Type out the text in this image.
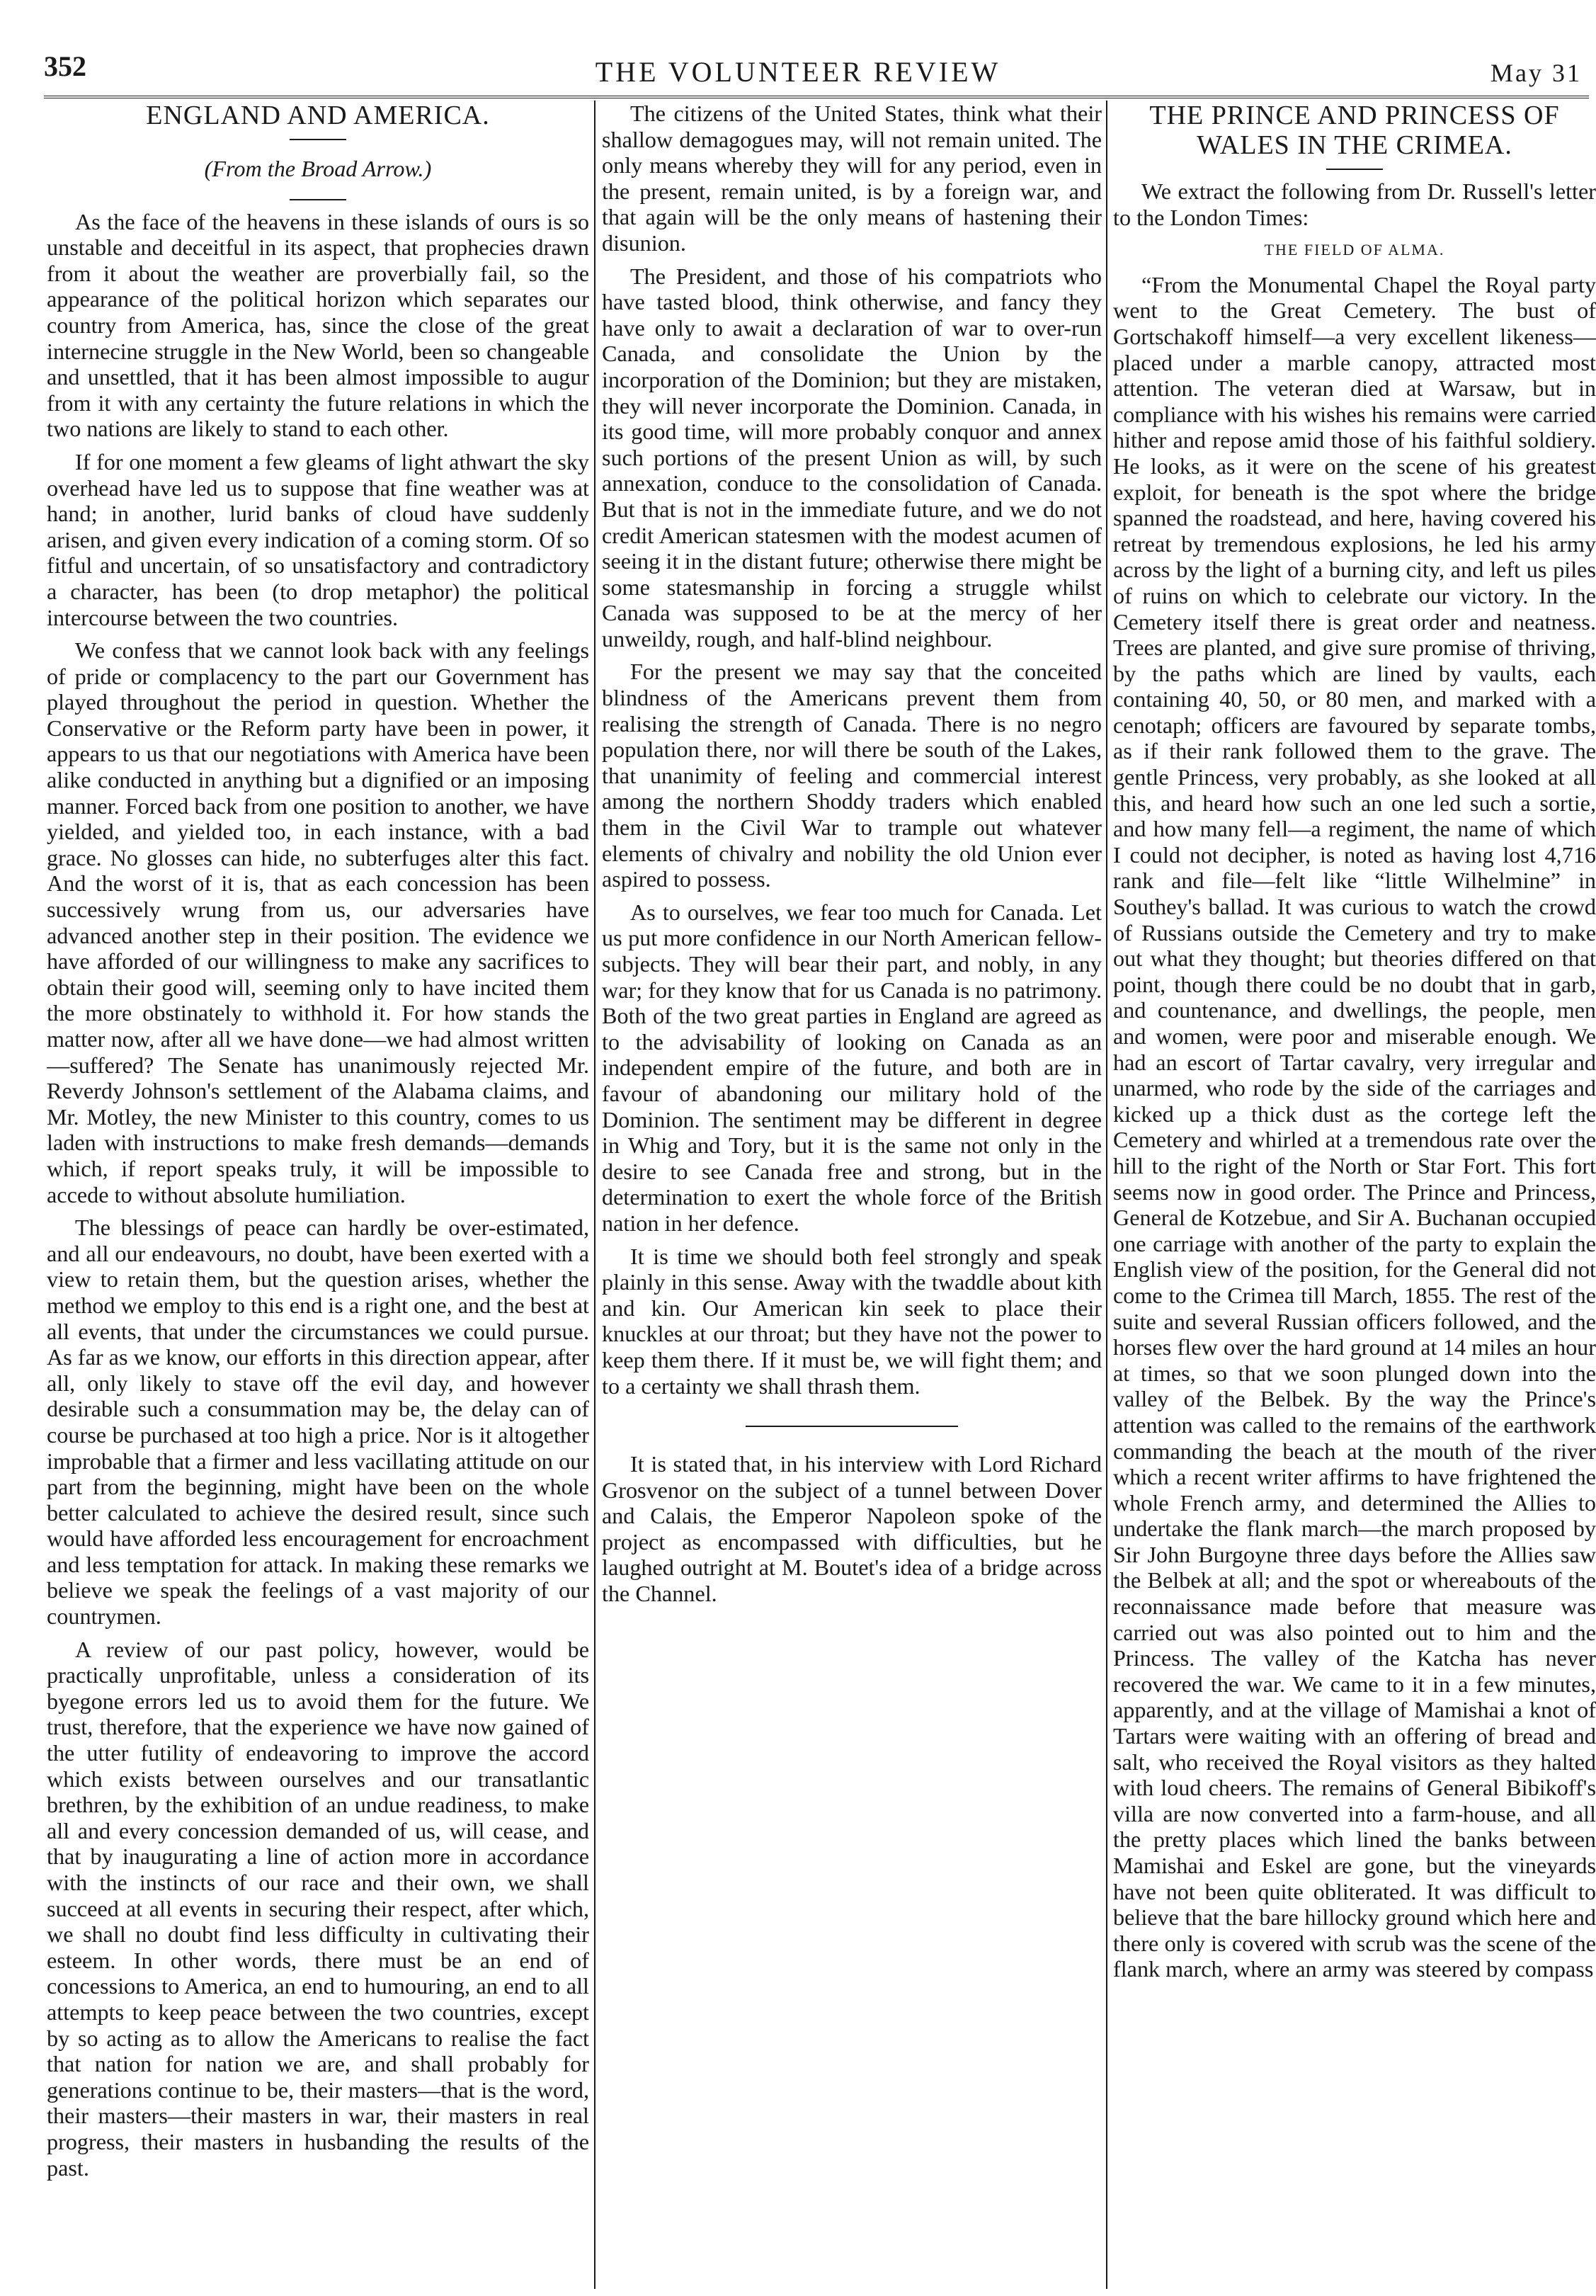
352	THE VOLUNTEER REVIEW	May 31
ENGLAND AND AMERICA.
(From the Broad Arrow.)

As the face of the heavens in these islands of ours is so unstable and deceitful in its aspect, that prophecies drawn from it about the weather are proverbially fail, so the appearance of the political horizon which separates our country from America, has, since the close of the great internecine struggle in the New World, been so changeable and unsettled, that it has been almost impossible to augur from it with any certainty the future relations in which the two nations are likely to stand to each other.

If for one moment a few gleams of light athwart the sky overhead have led us to suppose that fine weather was at hand; in another, lurid banks of cloud have suddenly arisen, and given every indication of a coming storm. Of so fitful and uncertain, of so unsatisfactory and contradictory a character, has been (to drop metaphor) the political intercourse between the two countries.

We confess that we cannot look back with any feelings of pride or complacency to the part our Government has played throughout the period in question. Whether the Conservative or the Reform party have been in power, it appears to us that our negotiations with America have been alike conducted in anything but a dignified or an imposing manner. Forced back from one position to another, we have yielded, and yielded too, in each instance, with a bad grace. No glosses can hide, no subterfuges alter this fact. And the worst of it is, that as each concession has been successively wrung from us, our adversaries have advanced another step in their position. The evidence we have afforded of our willingness to make any sacrifices to obtain their good will, seeming only to have incited them the more obstinately to withhold it. For how stands the matter now, after all we have done—we had almost written—suffered? The Senate has unanimously rejected Mr. Reverdy Johnson's settlement of the Alabama claims, and Mr. Motley, the new Minister to this country, comes to us laden with instructions to make fresh demands—demands which, if report speaks truly, it will be impossible to accede to without absolute humiliation.

The blessings of peace can hardly be over-estimated, and all our endeavours, no doubt, have been exerted with a view to retain them, but the question arises, whether the method we employ to this end is a right one, and the best at all events, that under the circumstances we could pursue. As far as we know, our efforts in this direction appear, after all, only likely to stave off the evil day, and however desirable such a consummation may be, the delay can of course be purchased at too high a price. Nor is it altogether improbable that a firmer and less vacillating attitude on our part from the beginning, might have been on the whole better calculated to achieve the desired result, since such would have afforded less encouragement for encroachment and less temptation for attack. In making these remarks we believe we speak the feelings of a vast majority of our countrymen.

A review of our past policy, however, would be practically unprofitable, unless a consideration of its byegone errors led us to avoid them for the future. We trust, therefore, that the experience we have now gained of the utter futility of endeavoring to improve the accord which exists between ourselves and our transatlantic brethren, by the exhibition of an undue readiness, to make all and every concession demanded of us, will cease, and that by inaugurating a line of action more in accordance with the instincts of our race and their own, we shall succeed at all events in securing their respect, after which, we shall no doubt find less difficulty in cultivating their esteem. In other words, there must be an end of concessions to America, an end to humouring, an end to all attempts to keep peace between the two countries, except by so acting as to allow the Americans to realise the fact that nation for nation we are, and shall probably for generations continue to be, their masters—that is the word, their masters—their masters in war, their masters in real progress, their masters in husbanding the results of the past.

The citizens of the United States, think what their shallow demagogues may, will not remain united. The only means whereby they will for any period, even in the present, remain united, is by a foreign war, and that again will be the only means of hastening their disunion.

The President, and those of his compatriots who have tasted blood, think otherwise, and fancy they have only to await a declaration of war to over-run Canada, and consolidate the Union by the incorporation of the Dominion; but they are mistaken, they will never incorporate the Dominion. Canada, in its good time, will more probably conquor and annex such portions of the present Union as will, by such annexation, conduce to the consolidation of Canada. But that is not in the immediate future, and we do not credit American statesmen with the modest acumen of seeing it in the distant future; otherwise there might be some statesmanship in forcing a struggle whilst Canada was supposed to be at the mercy of her unweildy, rough, and half-blind neighbour.

For the present we may say that the conceited blindness of the Americans prevent them from realising the strength of Canada. There is no negro population there, nor will there be south of the Lakes, that unanimity of feeling and commercial interest among the northern Shoddy traders which enabled them in the Civil War to trample out whatever elements of chivalry and nobility the old Union ever aspired to possess.

As to ourselves, we fear too much for Canada. Let us put more confidence in our North American fellow-subjects. They will bear their part, and nobly, in any war; for they know that for us Canada is no patrimony. Both of the two great parties in England are agreed as to the advisability of looking on Canada as an independent empire of the future, and both are in favour of abandoning our military hold of the Dominion. The sentiment may be different in degree in Whig and Tory, but it is the same not only in the desire to see Canada free and strong, but in the determination to exert the whole force of the British nation in her defence.

It is time we should both feel strongly and speak plainly in this sense. Away with the twaddle about kith and kin. Our American kin seek to place their knuckles at our throat; but they have not the power to keep them there. If it must be, we will fight them; and to a certainty we shall thrash them.

It is stated that, in his interview with Lord Richard Grosvenor on the subject of a tunnel between Dover and Calais, the Emperor Napoleon spoke of the project as encompassed with difficulties, but he laughed outright at M. Boutet's idea of a bridge across the Channel.

THE PRINCE AND PRINCESS OF WALES IN THE CRIMEA.

We extract the following from Dr. Russell's letter to the London Times:

THE FIELD OF ALMA.

“From the Monumental Chapel the Royal party went to the Great Cemetery. The bust of Gortschakoff himself—a very excellent likeness—placed under a marble canopy, attracted most attention. The veteran died at Warsaw, but in compliance with his wishes his remains were carried hither and repose amid those of his faithful soldiery. He looks, as it were on the scene of his greatest exploit, for beneath is the spot where the bridge spanned the roadstead, and here, having covered his retreat by tremendous explosions, he led his army across by the light of a burning city, and left us piles of ruins on which to celebrate our victory. In the Cemetery itself there is great order and neatness. Trees are planted, and give sure promise of thriving, by the paths which are lined by vaults, each containing 40, 50, or 80 men, and marked with a cenotaph; officers are favoured by separate tombs, as if their rank followed them to the grave. The gentle Princess, very probably, as she looked at all this, and heard how such an one led such a sortie, and how many fell—a regiment, the name of which I could not decipher, is noted as having lost 4,716 rank and file—felt like “little Wilhelmine” in Southey's ballad. It was curious to watch the crowd of Russians outside the Cemetery and try to make out what they thought; but theories differed on that point, though there could be no doubt that in garb, and countenance, and dwellings, the people, men and women, were poor and miserable enough. We had an escort of Tartar cavalry, very irregular and unarmed, who rode by the side of the carriages and kicked up a thick dust as the cortege left the Cemetery and whirled at a tremendous rate over the hill to the right of the North or Star Fort. This fort seems now in good order. The Prince and Princess, General de Kotzebue, and Sir A. Buchanan occupied one carriage with another of the party to explain the English view of the position, for the General did not come to the Crimea till March, 1855. The rest of the suite and several Russian officers followed, and the horses flew over the hard ground at 14 miles an hour at times, so that we soon plunged down into the valley of the Belbek. By the way the Prince's attention was called to the remains of the earthwork commanding the beach at the mouth of the river which a recent writer affirms to have frightened the whole French army, and determined the Allies to undertake the flank march—the march proposed by Sir John Burgoyne three days before the Allies saw the Belbek at all; and the spot or whereabouts of the reconnaissance made before that measure was carried out was also pointed out to him and the Princess. The valley of the Katcha has never recovered the war. We came to it in a few minutes, apparently, and at the village of Mamishai a knot of Tartars were waiting with an offering of bread and salt, who received the Royal visitors as they halted with loud cheers. The remains of General Bibikoff's villa are now converted into a farm-house, and all the pretty places which lined the banks between Mamishai and Eskel are gone, but the vineyards have not been quite obliterated. It was difficult to believe that the bare hillocky ground which here and there only is covered with scrub was the scene of the flank march, where an army was steered by compass
